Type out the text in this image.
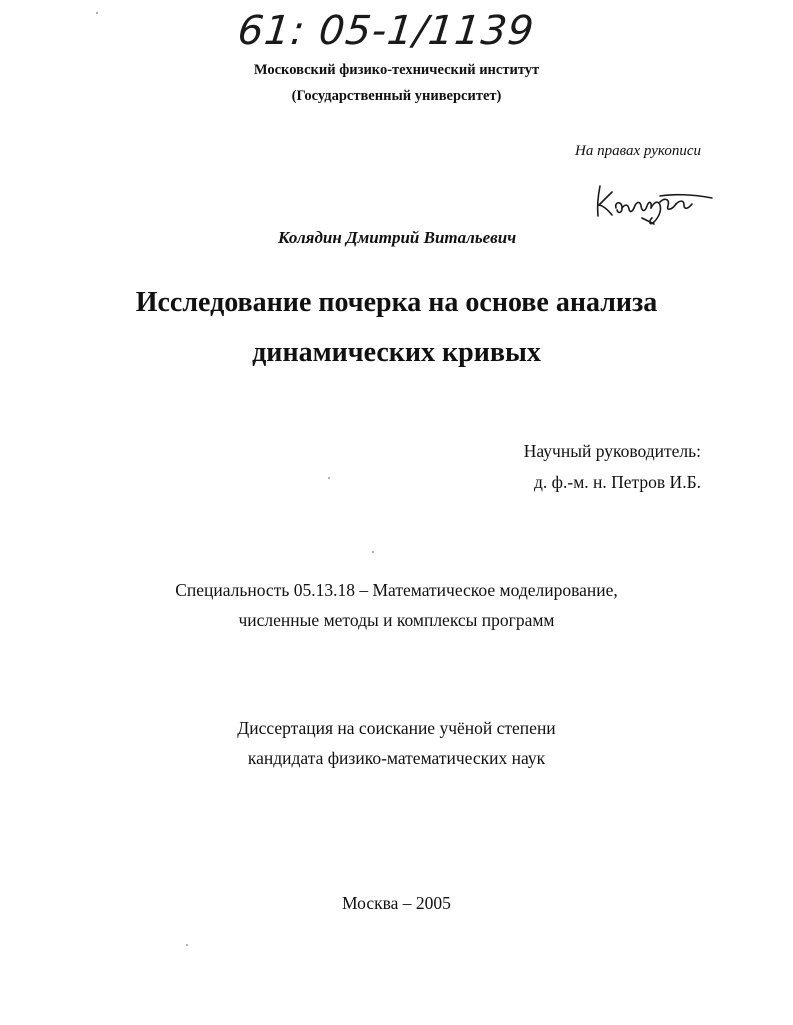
61: 05-1/1139
Московский физико-технический институт
(Государственный университет)
На правах рукописи
Колядин Дмитрий Витальевич
Исследование почерка на основе анализа
динамических кривых
Научный руководитель:
д. ф.-м. н. Петров И.Б.
Специальность 05.13.18 – Математическое моделирование,
численные методы и комплексы программ
Диссертация на соискание учёной степени
кандидата физико-математических наук
Москва – 2005
